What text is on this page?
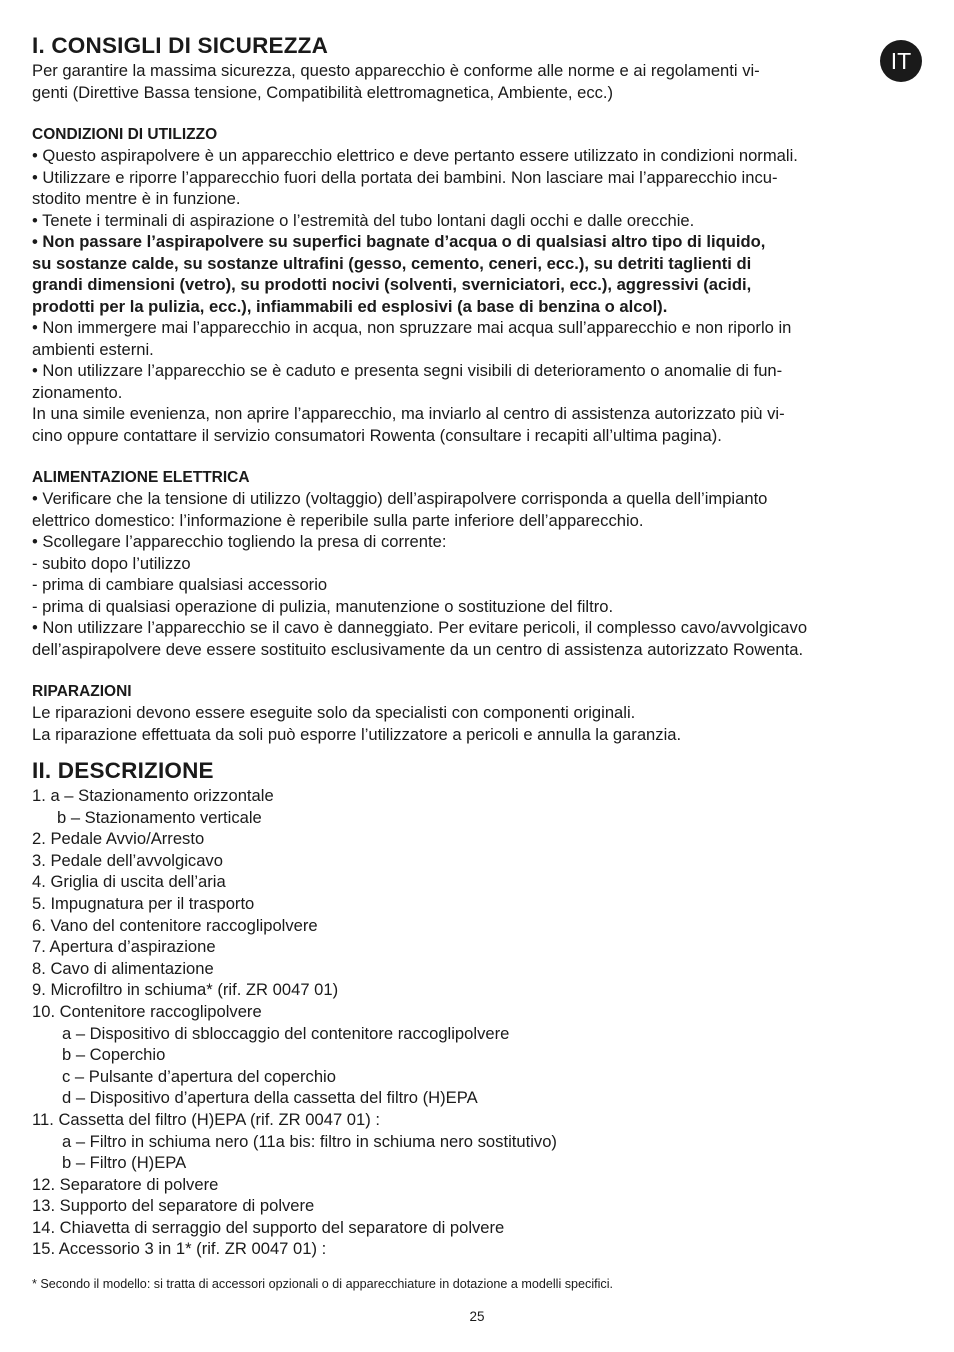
IT
I. CONSIGLI DI SICUREZZA

Per garantire la massima sicurezza, questo apparecchio è conforme alle norme e ai regolamenti vi-

genti (Direttive Bassa tensione, Compatibilità elettromagnetica, Ambiente, ecc.)

CONDIZIONI DI UTILIZZO

• Questo aspirapolvere è un apparecchio elettrico e deve pertanto essere utilizzato in condizioni normali.

• Utilizzare e riporre l’apparecchio fuori della portata dei bambini. Non lasciare mai l’apparecchio incu-

stodito mentre è in funzione.

• Tenete i terminali di aspirazione o l’estremità del tubo lontani dagli occhi e dalle orecchie.

• Non passare l’aspirapolvere su superfici bagnate d’acqua o di qualsiasi altro tipo di liquido,

su sostanze calde, su sostanze ultrafini (gesso, cemento, ceneri, ecc.), su detriti taglienti di

grandi dimensioni (vetro), su prodotti nocivi (solventi, sverniciatori, ecc.), aggressivi (acidi,

prodotti per la pulizia, ecc.), infiammabili ed esplosivi (a base di benzina o alcol).

• Non immergere mai l’apparecchio in acqua, non spruzzare mai acqua sull’apparecchio e non riporlo in

ambienti esterni.

• Non utilizzare l’apparecchio se è caduto e presenta segni visibili di deterioramento o anomalie di fun-

zionamento.

In una simile evenienza, non aprire l’apparecchio, ma inviarlo al centro di assistenza autorizzato più vi-

cino oppure contattare il servizio consumatori Rowenta (consultare i recapiti all’ultima pagina).

ALIMENTAZIONE ELETTRICA

• Verificare che la tensione di utilizzo (voltaggio) dell’aspirapolvere corrisponda a quella dell’impianto

elettrico domestico: l’informazione è reperibile sulla parte inferiore dell’apparecchio.

• Scollegare l’apparecchio togliendo la presa di corrente:

- subito dopo l’utilizzo

- prima di cambiare qualsiasi accessorio

- prima di qualsiasi operazione di pulizia, manutenzione o sostituzione del filtro.

• Non utilizzare l’apparecchio se il cavo è danneggiato. Per evitare pericoli, il complesso cavo/avvolgicavo

dell’aspirapolvere deve essere sostituito esclusivamente da un centro di assistenza autorizzato Rowenta.

RIPARAZIONI

Le riparazioni devono essere eseguite solo da specialisti con componenti originali.

La riparazione effettuata da soli può esporre l’utilizzatore a pericoli e annulla la garanzia.

II. DESCRIZIONE
1. a – Stazionamento orizzontale
b – Stazionamento verticale
2. Pedale Avvio/Arresto
3. Pedale dell’avvolgicavo
4. Griglia di uscita dell’aria
5. Impugnatura per il trasporto
6. Vano del contenitore raccoglipolvere
7. Apertura d’aspirazione
8. Cavo di alimentazione
9. Microfiltro in schiuma* (rif. ZR 0047 01)
10. Contenitore raccoglipolvere
a – Dispositivo di sbloccaggio del contenitore raccoglipolvere
b – Coperchio
c – Pulsante d’apertura del coperchio
d – Dispositivo d’apertura della cassetta del filtro (H)EPA
11. Cassetta del filtro (H)EPA (rif. ZR 0047 01) :
a – Filtro in schiuma nero (11a bis: filtro in schiuma nero sostitutivo)
b – Filtro (H)EPA
12. Separatore di polvere
13. Supporto del separatore di polvere
14. Chiavetta di serraggio del supporto del separatore di polvere
15. Accessorio 3 in 1* (rif. ZR 0047 01) :

* Secondo il modello: si tratta di accessori opzionali o di apparecchiature in dotazione a modelli specifici.

25
